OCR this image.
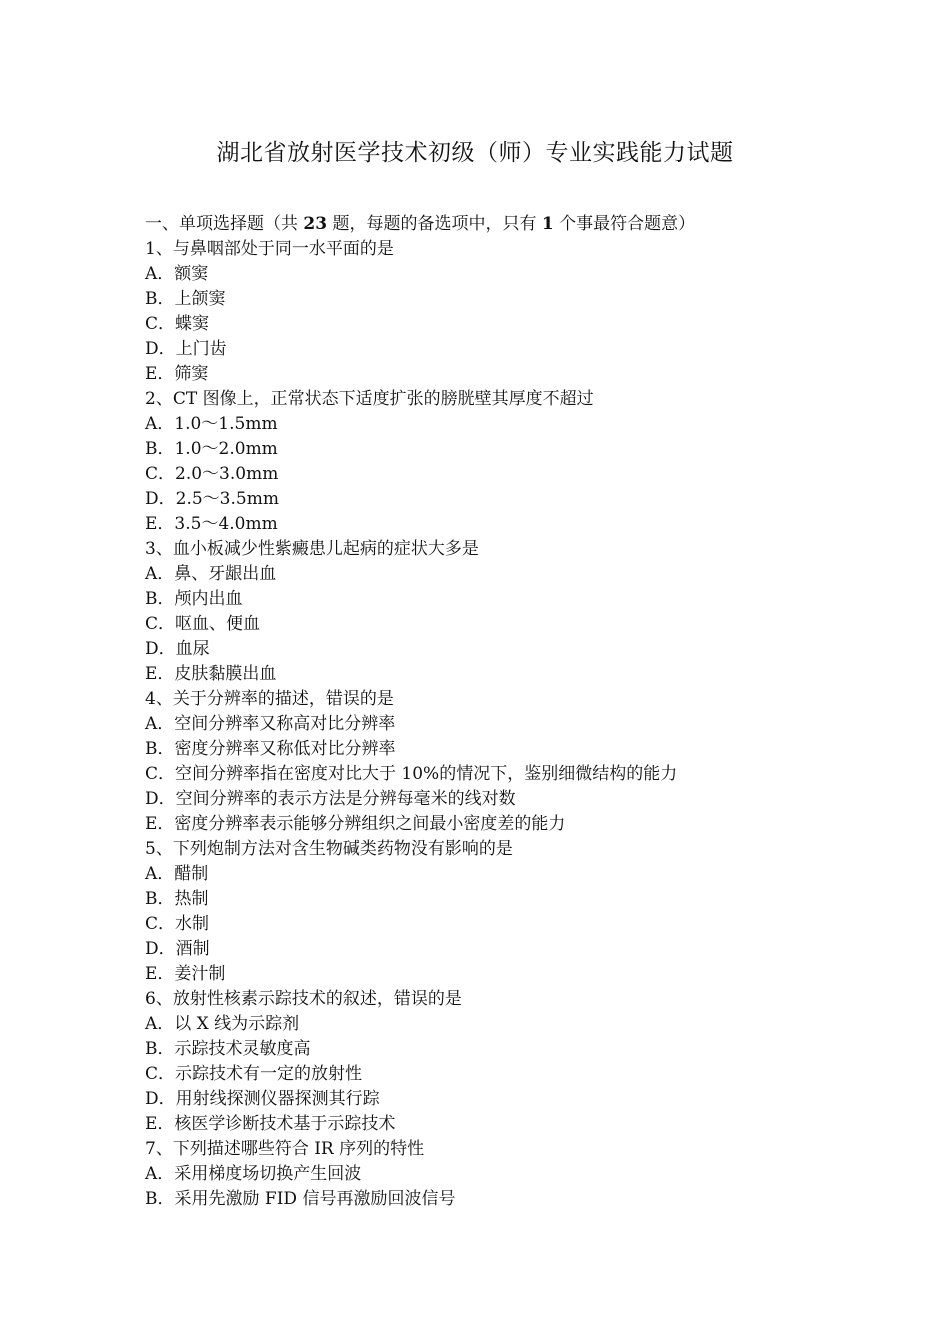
湖北省放射医学技术初级（师）专业实践能力试题
一、单项选择题（共 23 题，每题的备选项中，只有 1 个事最符合题意）
1、与鼻咽部处于同一水平面的是
A．额窦
B．上颌窦
C．蝶窦
D．上门齿
E．筛窦
2、CT 图像上，正常状态下适度扩张的膀胱壁其厚度不超过
A．1.0～1.5mm
B．1.0～2.0mm
C．2.0～3.0mm
D．2.5～3.5mm
E．3.5～4.0mm
3、血小板减少性紫癜患儿起病的症状大多是
A．鼻、牙龈出血
B．颅内出血
C．呕血、便血
D．血尿
E．皮肤黏膜出血
4、关于分辨率的描述，错误的是
A．空间分辨率又称高对比分辨率
B．密度分辨率又称低对比分辨率
C．空间分辨率指在密度对比大于 10%的情况下，鉴别细微结构的能力
D．空间分辨率的表示方法是分辨每毫米的线对数
E．密度分辨率表示能够分辨组织之间最小密度差的能力
5、下列炮制方法对含生物碱类药物没有影响的是
A．醋制
B．热制
C．水制
D．酒制
E．姜汁制
6、放射性核素示踪技术的叙述，错误的是
A．以 X 线为示踪剂
B．示踪技术灵敏度高
C．示踪技术有一定的放射性
D．用射线探测仪器探测其行踪
E．核医学诊断技术基于示踪技术
7、下列描述哪些符合 IR 序列的特性
A．采用梯度场切换产生回波
B．采用先激励 FID 信号再激励回波信号
